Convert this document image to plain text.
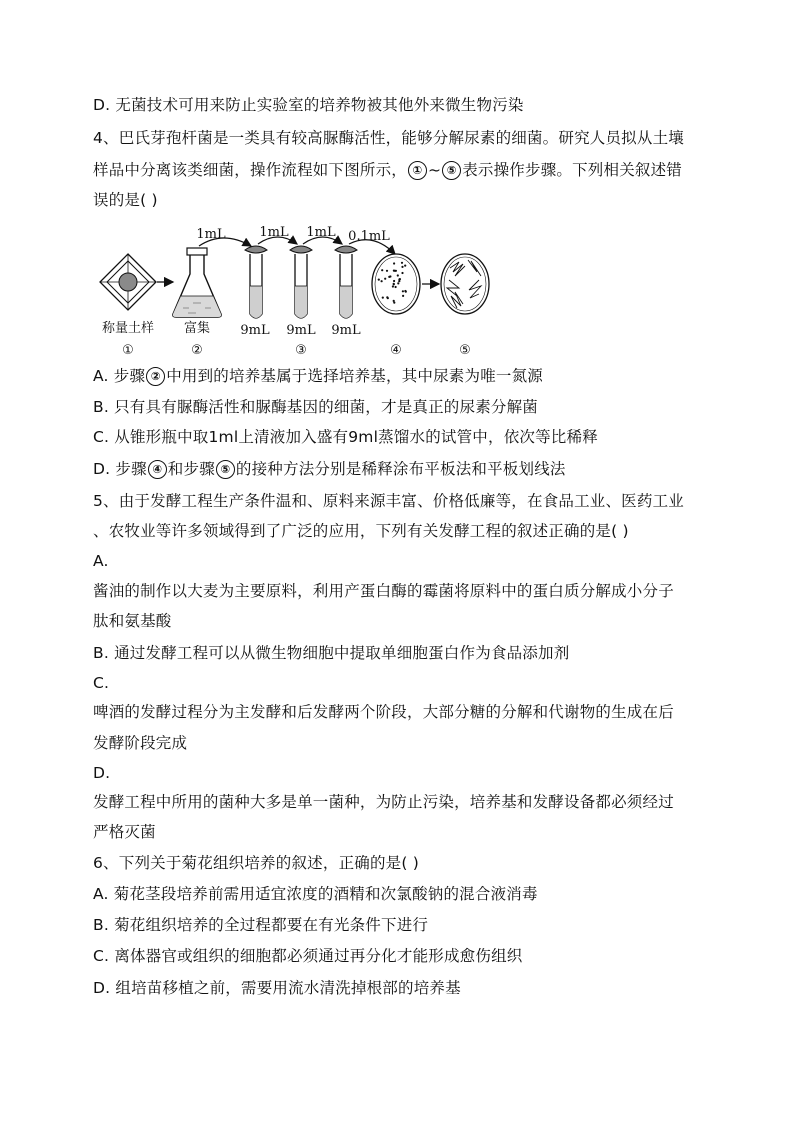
D. 无菌技术可用来防止实验室的培养物被其他外来微生物污染
4、巴氏芽孢杆菌是一类具有较高脲酶活性，能够分解尿素的细菌。研究人员拟从土壤
样品中分离该类细菌，操作流程如下图所示， ① ~ ⑤ 表示操作步骤。下列相关叙述错
误的是( )
A. 步骤 ② 中用到的培养基属于选择培养基，其中尿素为唯一氮源
B. 只有具有脲酶活性和脲酶基因的细菌，才是真正的尿素分解菌
C. 从锥形瓶中取1ml上清液加入盛有9ml蒸馏水的试管中，依次等比稀释
D. 步骤 ④ 和步骤 ⑤ 的接种方法分别是稀释涂布平板法和平板划线法
5、由于发酵工程生产条件温和、原料来源丰富、价格低廉等，在食品工业、医药工业
、农牧业等许多领域得到了广泛的应用，下列有关发酵工程的叙述正确的是( )
A.
酱油的制作以大麦为主要原料，利用产蛋白酶的霉菌将原料中的蛋白质分解成小分子
肽和氨基酸
B. 通过发酵工程可以从微生物细胞中提取单细胞蛋白作为食品添加剂
C.
啤酒的发酵过程分为主发酵和后发酵两个阶段，大部分糖的分解和代谢物的生成在后
发酵阶段完成
D.
发酵工程中所用的菌种大多是单一菌种，为防止污染，培养基和发酵设备都必须经过
严格灭菌
6、下列关于菊花组织培养的叙述，正确的是( )
A. 菊花茎段培养前需用适宜浓度的酒精和次氯酸钠的混合液消毒
B. 菊花组织培养的全过程都要在有光条件下进行
C. 离体器官或组织的细胞都必须通过再分化才能形成愈伤组织
D. 组培苗移植之前，需要用流水清洗掉根部的培养基
1mL	1mL 1mL 0.1mL
9mL 9mL 9mL
称量土样 富集
①	②	③	④	⑤
